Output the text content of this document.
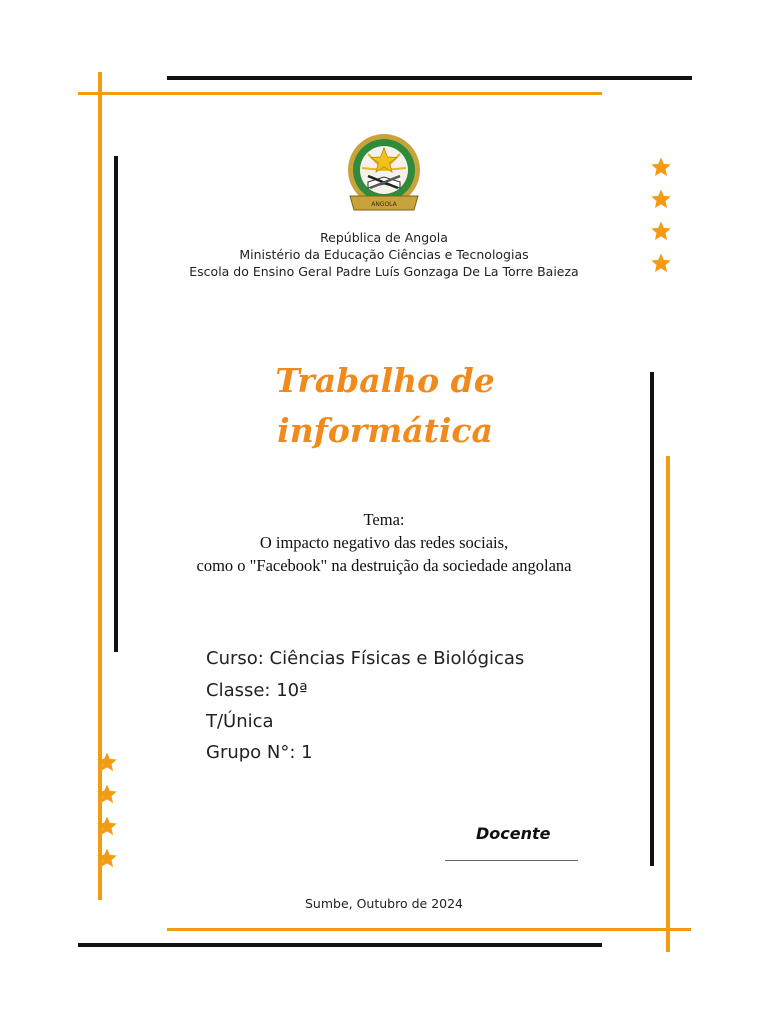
ANGOLA
República de Angola
Ministério da Educação Ciências e Tecnologias
Escola do Ensino Geral Padre Luís Gonzaga De La Torre Baieza
Trabalho de
informática
Tema:
O impacto negativo das redes sociais,
como o "Facebook" na destruição da sociedade angolana
Curso: Ciências Físicas e Biológicas
Classe: 10ª
T/Única
Grupo N°: 1
Docente
Sumbe, Outubro de 2024
